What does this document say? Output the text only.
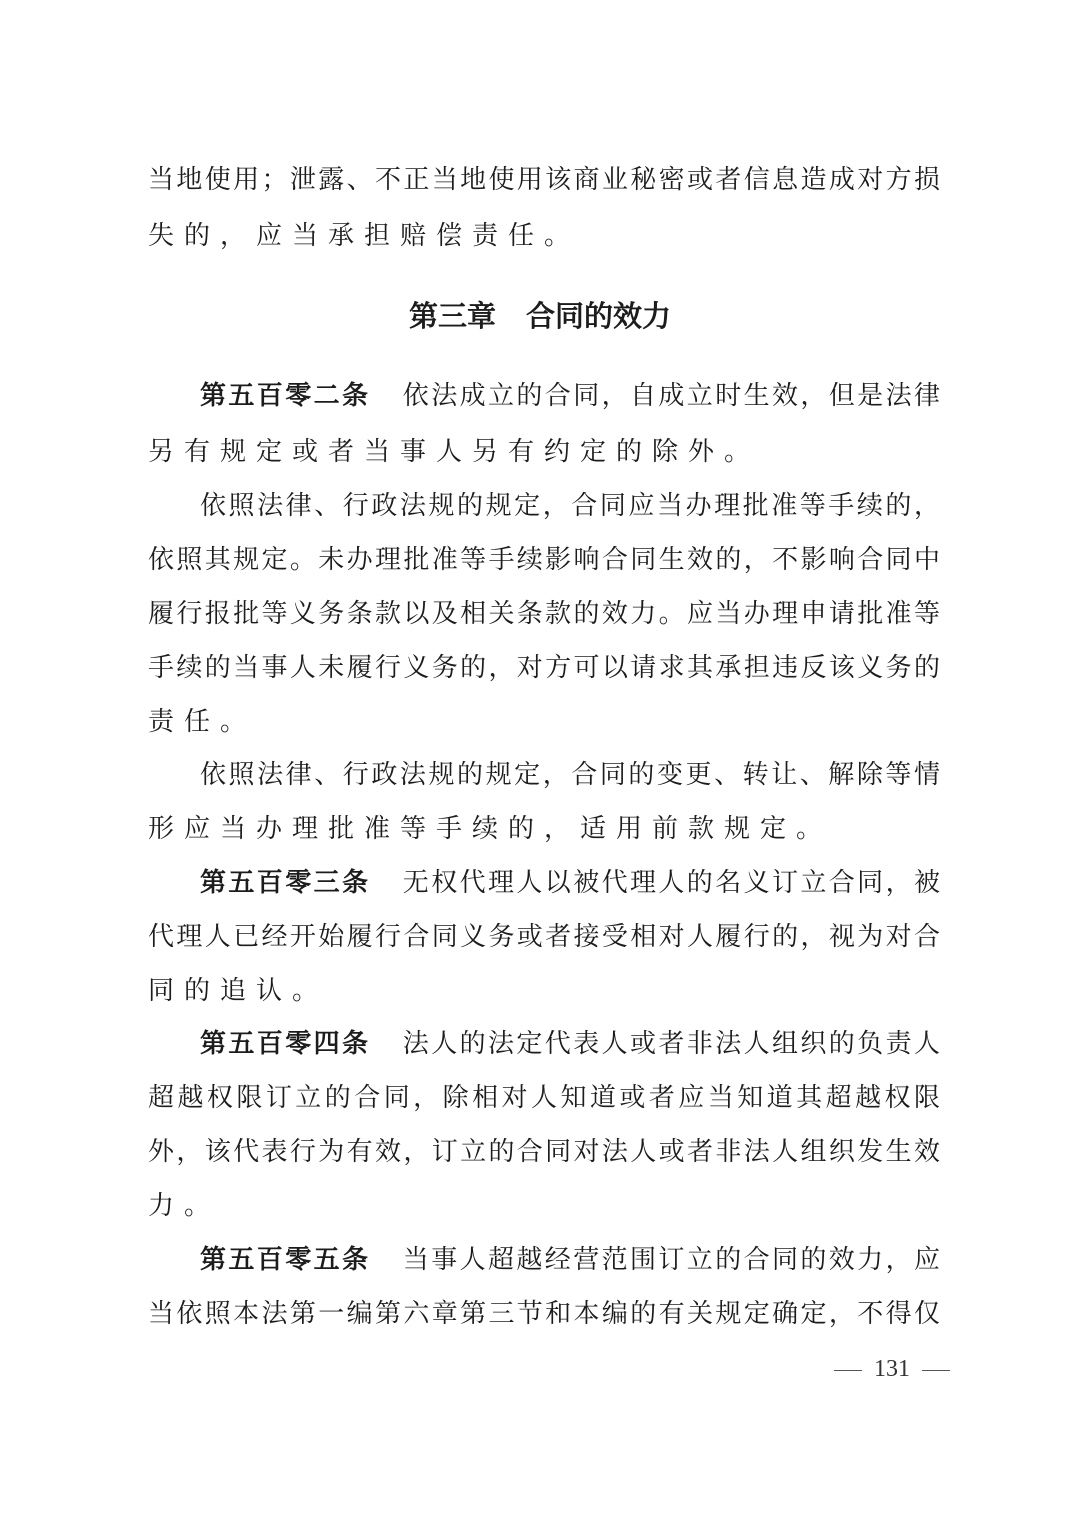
当地使用；泄露、不正当地使用该商业秘密或者信息造成对方损
失的，应当承担赔偿责任。
第三章 合同的效力
第五百零二条 依法成立的合同，自成立时生效，但是法律
另有规定或者当事人另有约定的除外。
依照法律、行政法规的规定，合同应当办理批准等手续的，
依照其规定。未办理批准等手续影响合同生效的，不影响合同中
履行报批等义务条款以及相关条款的效力。应当办理申请批准等
手续的当事人未履行义务的，对方可以请求其承担违反该义务的
责任。
依照法律、行政法规的规定，合同的变更、转让、解除等情
形应当办理批准等手续的，适用前款规定。
第五百零三条 无权代理人以被代理人的名义订立合同，被
代理人已经开始履行合同义务或者接受相对人履行的，视为对合
同的追认。
第五百零四条 法人的法定代表人或者非法人组织的负责人
超越权限订立的合同，除相对人知道或者应当知道其超越权限
外，该代表行为有效，订立的合同对法人或者非法人组织发生效
力。
第五百零五条 当事人超越经营范围订立的合同的效力，应
当依照本法第一编第六章第三节和本编的有关规定确定，不得仅
131
